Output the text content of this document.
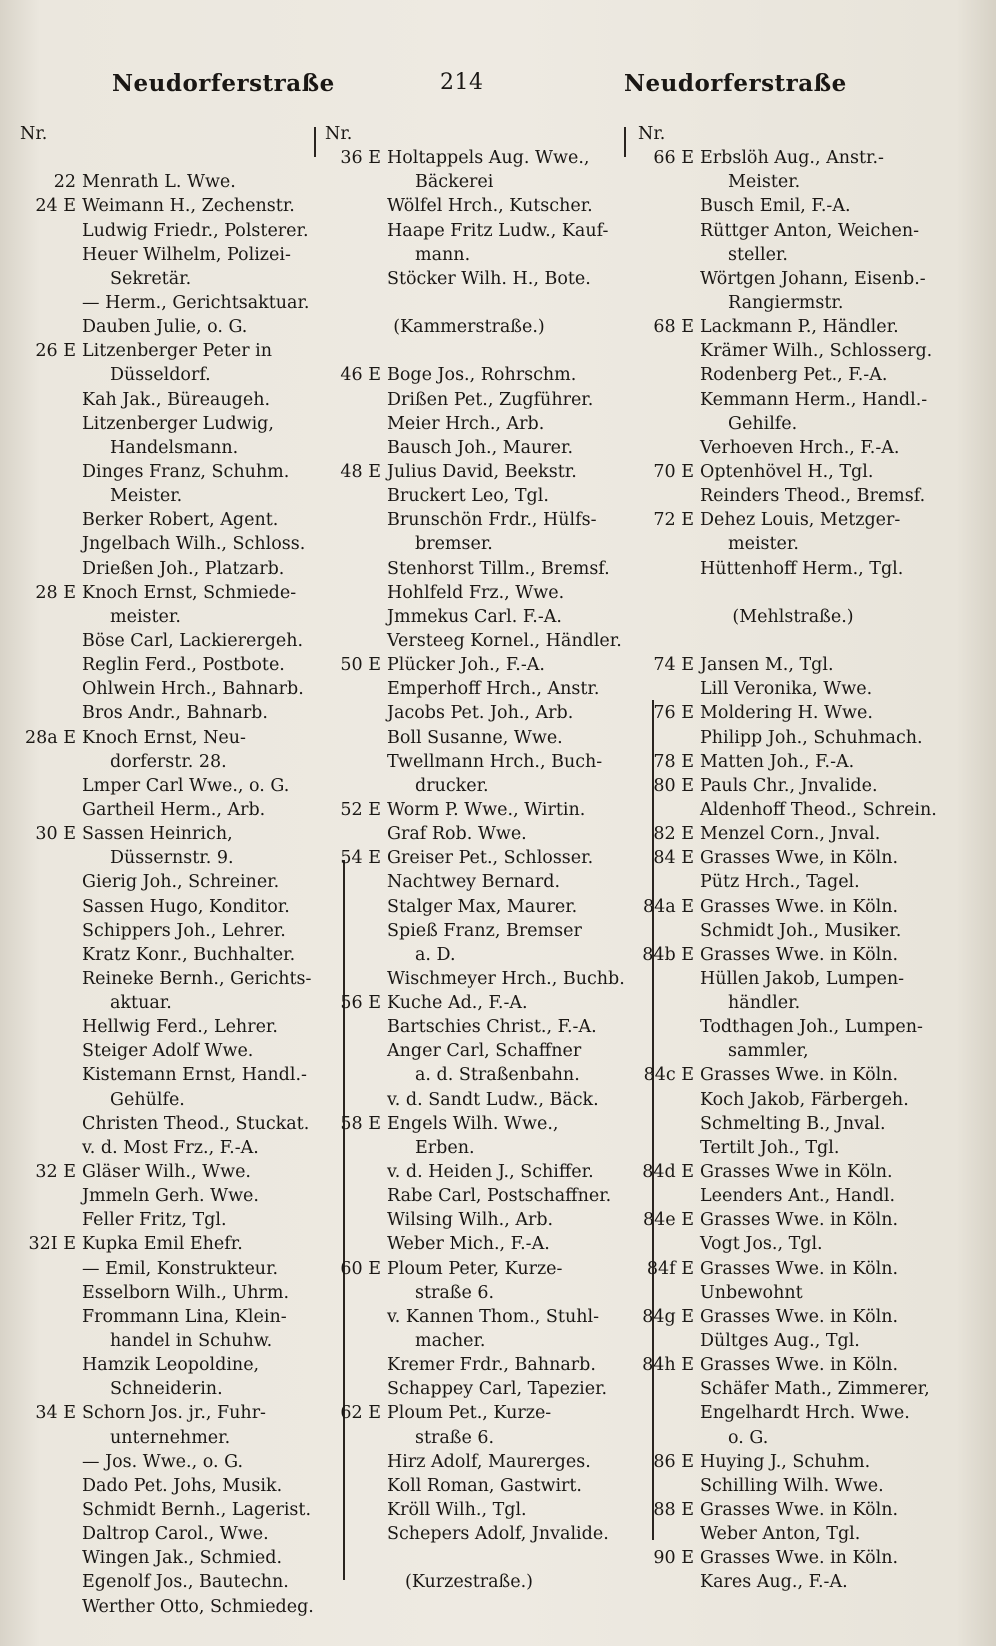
Neudorferstraße	214	Neudorferstraße
Nr.
22 Menrath L. Wwe.
24 E Weimann H., Zechenstr.
Ludwig Friedr., Polsterer.
Heuer Wilhelm, Polizei-
Sekretär.
— Herm., Gerichtsaktuar.
Dauben Julie, o. G.
26 E Litzenberger Peter in
Düsseldorf.
Kah Jak., Büreaugeh.
Litzenberger Ludwig,
Handelsmann.
Dinges Franz, Schuhm.
Meister.
Berker Robert, Agent.
Jngelbach Wilh., Schloss.
Drießen Joh., Platzarb.
28 E Knoch Ernst, Schmiede-
meister.
Böse Carl, Lackierergeh.
Reglin Ferd., Postbote.
Ohlwein Hrch., Bahnarb.
Bros Andr., Bahnarb.
28a E Knoch Ernst, Neu-
dorferstr. 28.
Lmper Carl Wwe., o. G.
Gartheil Herm., Arb.
30 E Sassen Heinrich,
Düssernstr. 9.
Gierig Joh., Schreiner.
Sassen Hugo, Konditor.
Schippers Joh., Lehrer.
Kratz Konr., Buchhalter.
Reineke Bernh., Gerichts-
aktuar.
Hellwig Ferd., Lehrer.
Steiger Adolf Wwe.
Kistemann Ernst, Handl.-
Gehülfe.
Christen Theod., Stuckat.
v. d. Most Frz., F.-A.
32 E Gläser Wilh., Wwe.
Jmmeln Gerh. Wwe.
Feller Fritz, Tgl.
32I E Kupka Emil Ehefr.
— Emil, Konstrukteur.
Esselborn Wilh., Uhrm.
Frommann Lina, Klein-
handel in Schuhw.
Hamzik Leopoldine,
Schneiderin.
34 E Schorn Jos. jr., Fuhr-
unternehmer.
— Jos. Wwe., o. G.
Dado Pet. Johs, Musik.
Schmidt Bernh., Lagerist.
Daltrop Carol., Wwe.
Wingen Jak., Schmied.
Egenolf Jos., Bautechn.
Werther Otto, Schmiedeg.
Nr.
36 E Holtappels Aug. Wwe.,
Bäckerei
Wölfel Hrch., Kutscher.
Haape Fritz Ludw., Kauf-
mann.
Stöcker Wilh. H., Bote.
(Kammerstraße.)
46 E Boge Jos., Rohrschm.
Drißen Pet., Zugführer.
Meier Hrch., Arb.
Bausch Joh., Maurer.
48 E Julius David, Beekstr.
Bruckert Leo, Tgl.
Brunschön Frdr., Hülfs-
bremser.
Stenhorst Tillm., Bremsf.
Hohlfeld Frz., Wwe.
Jmmekus Carl. F.-A.
Versteeg Kornel., Händler.
50 E Plücker Joh., F.-A.
Emperhoff Hrch., Anstr.
Jacobs Pet. Joh., Arb.
Boll Susanne, Wwe.
Twellmann Hrch., Buch-
drucker.
52 E Worm P. Wwe., Wirtin.
Graf Rob. Wwe.
54 E Greiser Pet., Schlosser.
Nachtwey Bernard.
Stalger Max, Maurer.
Spieß Franz, Bremser
a. D.
Wischmeyer Hrch., Buchb.
56 E Kuche Ad., F.-A.
Bartschies Christ., F.-A.
Anger Carl, Schaffner
a. d. Straßenbahn.
v. d. Sandt Ludw., Bäck.
58 E Engels Wilh. Wwe.,
Erben.
v. d. Heiden J., Schiffer.
Rabe Carl, Postschaffner.
Wilsing Wilh., Arb.
Weber Mich., F.-A.
60 E Ploum Peter, Kurze-
straße 6.
v. Kannen Thom., Stuhl-
macher.
Kremer Frdr., Bahnarb.
Schappey Carl, Tapezier.
62 E Ploum Pet., Kurze-
straße 6.
Hirz Adolf, Maurerges.
Koll Roman, Gastwirt.
Kröll Wilh., Tgl.
Schepers Adolf, Jnvalide.
(Kurzestraße.)
Nr.
66 E Erbslöh Aug., Anstr.-
Meister.
Busch Emil, F.-A.
Rüttger Anton, Weichen-
steller.
Wörtgen Johann, Eisenb.-
Rangiermstr.
68 E Lackmann P., Händler.
Krämer Wilh., Schlosserg.
Rodenberg Pet., F.-A.
Kemmann Herm., Handl.-
Gehilfe.
Verhoeven Hrch., F.-A.
70 E Optenhövel H., Tgl.
Reinders Theod., Bremsf.
72 E Dehez Louis, Metzger-
meister.
Hüttenhoff Herm., Tgl.
(Mehlstraße.)
74 E Jansen M., Tgl.
Lill Veronika, Wwe.
76 E Moldering H. Wwe.
Philipp Joh., Schuhmach.
78 E Matten Joh., F.-A.
80 E Pauls Chr., Jnvalide.
Aldenhoff Theod., Schrein.
82 E Menzel Corn., Jnval.
84 E Grasses Wwe, in Köln.
Pütz Hrch., Tagel.
84a E Grasses Wwe. in Köln.
Schmidt Joh., Musiker.
84b E Grasses Wwe. in Köln.
Hüllen Jakob, Lumpen-
händler.
Todthagen Joh., Lumpen-
sammler,
84c E Grasses Wwe. in Köln.
Koch Jakob, Färbergeh.
Schmelting B., Jnval.
Tertilt Joh., Tgl.
84d E Grasses Wwe in Köln.
Leenders Ant., Handl.
84e E Grasses Wwe. in Köln.
Vogt Jos., Tgl.
84f E Grasses Wwe. in Köln.
Unbewohnt
84g E Grasses Wwe. in Köln.
Dültges Aug., Tgl.
84h E Grasses Wwe. in Köln.
Schäfer Math., Zimmerer,
Engelhardt Hrch. Wwe.
o. G.
86 E Huying J., Schuhm.
Schilling Wilh. Wwe.
88 E Grasses Wwe. in Köln.
Weber Anton, Tgl.
90 E Grasses Wwe. in Köln.
Kares Aug., F.-A.
